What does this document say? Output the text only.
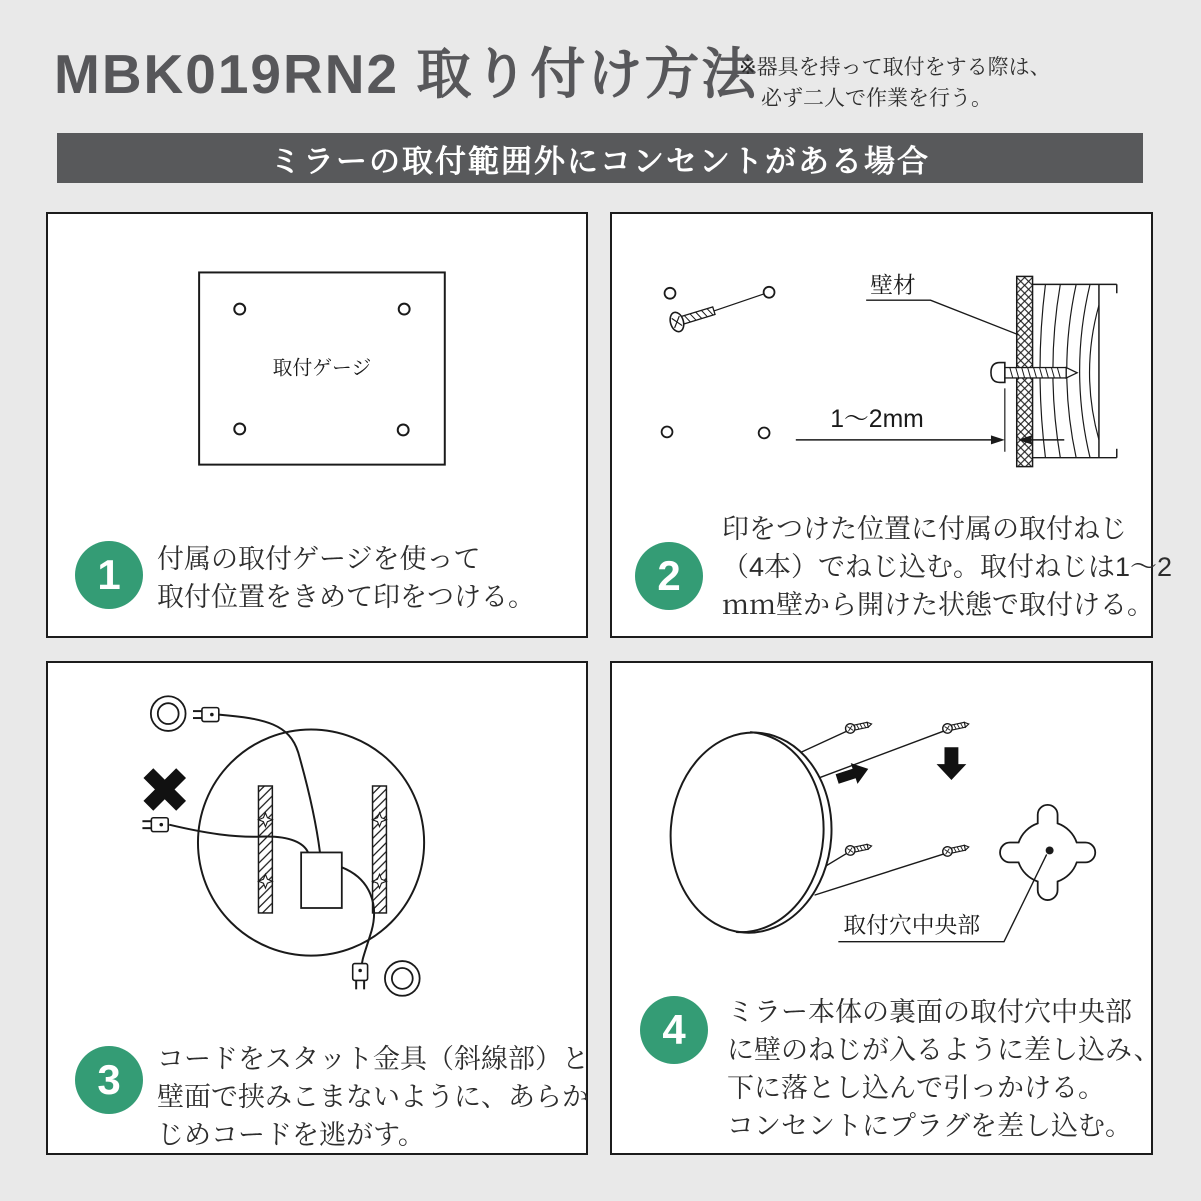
MBK019RN2 取り付け方法
※器具を持って取付をする際は、
必ず二人で作業を行う。
ミラーの取付範囲外にコンセントがある場合
取付ゲージ
1	付属の取付ゲージを使って
取付位置をきめて印をつける。
壁材
1〜2mm
2
印をつけた位置に付属の取付ねじ
（4本）でねじ込む。取付ねじは1〜2
ｍｍ壁から開けた状態で取付ける。
3	コードをスタット金具（斜線部）と
壁面で挟みこまないように、あらか
じめコードを逃がす。
取付穴中央部
4	ミラー本体の裏面の取付穴中央部
に壁のねじが入るように差し込み、
下に落とし込んで引っかける。
コンセントにプラグを差し込む。
